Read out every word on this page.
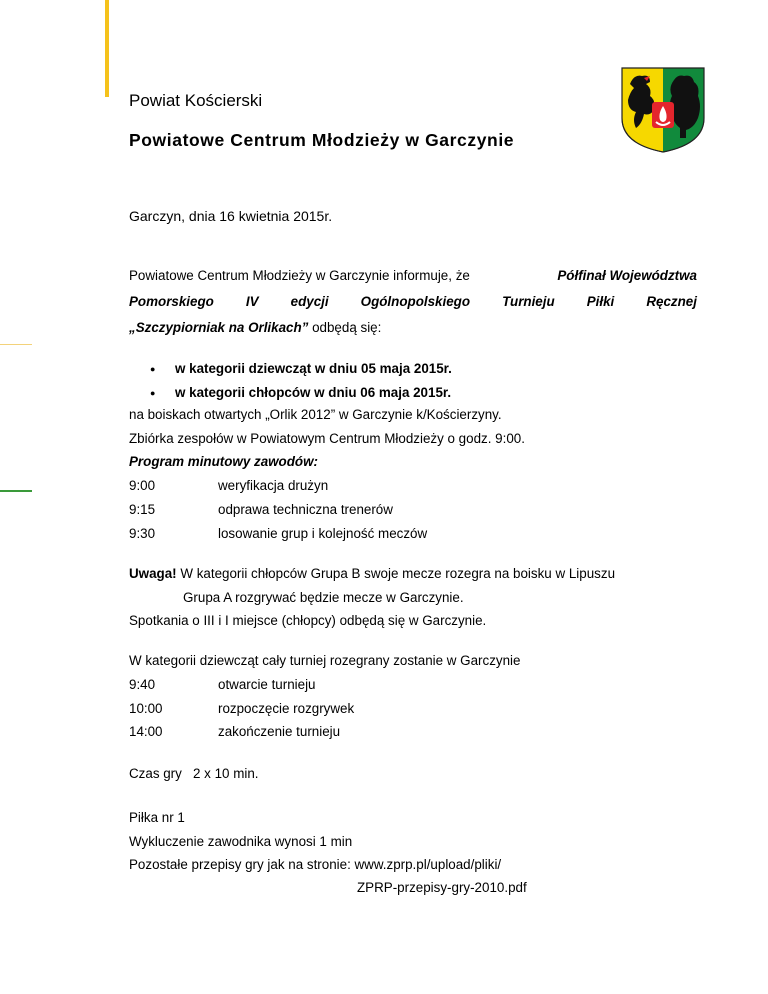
Powiat Kościerski
Powiatowe Centrum Młodzieży w Garczynie
Garczyn, dnia 16 kwietnia 2015r.
Powiatowe Centrum Młodzieży w Garczynie informuje, że	Półfinał Województwa
Pomorskiego IV edycji Ogólnopolskiego Turnieju Piłki Ręcznej
„Szczypiorniak na Orlikach” odbędą się:
● w kategorii dziewcząt w dniu 05 maja 2015r.
● w kategorii chłopców w dniu 06 maja 2015r.
na boiskach otwartych „Orlik 2012” w Garczynie k/Kościerzyny.
Zbiórka zespołów w Powiatowym Centrum Młodzieży o godz. 9:00.
Program minutowy zawodów:
9:00	weryfikacja drużyn
9:15	odprawa techniczna trenerów
9:30	losowanie grup i kolejność meczów
Uwaga! W kategorii chłopców Grupa B swoje mecze rozegra na boisku w Lipuszu
Grupa A rozgrywać będzie mecze w Garczynie.
Spotkania o III i I miejsce (chłopcy) odbędą się w Garczynie.
W kategorii dziewcząt cały turniej rozegrany zostanie w Garczynie
9:40	otwarcie turnieju
10:00	rozpoczęcie rozgrywek
14:00	zakończenie turnieju
Czas gry   2 x 10 min.
Piłka nr 1
Wykluczenie zawodnika wynosi 1 min
Pozostałe przepisy gry jak na stronie: www.zprp.pl/upload/pliki/
ZPRP-przepisy-gry-2010.pdf
